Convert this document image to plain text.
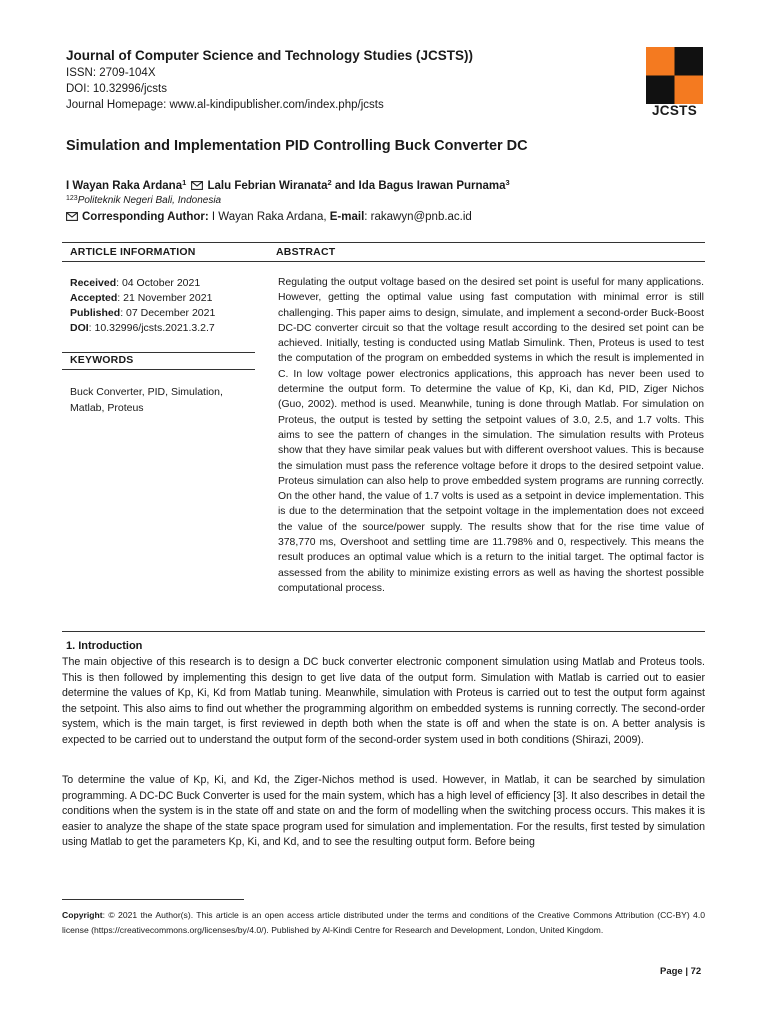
Journal of Computer Science and Technology Studies (JCSTS))
ISSN: 2709-104X
DOI: 10.32996/jcsts
Journal Homepage: www.al-kindipublisher.com/index.php/jcsts	JCSTS
Simulation and Implementation PID Controlling Buck Converter DC
I Wayan Raka Ardana$^1$ Lalu Febrian Wiranata$^2$ and Ida Bagus Irawan Purnama$^3$
$^{123}$Politeknik Negeri Bali, Indonesia
Corresponding Author: I Wayan Raka Ardana, E-mail: rakawyn@pnb.ac.id
ARTICLE INFORMATION	ABSTRACT
Received: 04 October 2021
Accepted: 21 November 2021
Published: 07 December 2021
DOI: 10.32996/jcsts.2021.3.2.7
KEYWORDS
Buck Converter, PID, Simulation,
Matlab, Proteus
Regulating the output voltage based on the desired set point is useful for many applications. However, getting the optimal value using fast computation with minimal error is still challenging. This paper aims to design, simulate, and implement a second-order Buck-Boost DC-DC converter circuit so that the voltage result according to the desired set point can be achieved. Initially, testing is conducted using Matlab Simulink. Then, Proteus is used to test the computation of the program on embedded systems in which the result is implemented in C. In low voltage power electronics applications, this approach has never been used to determine the output form. To determine the value of Kp, Ki, dan Kd, PID, Ziger Nichos (Guo, 2002). method is used. Meanwhile, tuning is done through Matlab. For simulation on Proteus, the output is tested by setting the setpoint values of 3.0, 2.5, and 1.7 volts. This aims to see the pattern of changes in the simulation. The simulation results with Proteus show that they have similar peak values but with different overshoot values. This is because the simulation must pass the reference voltage before it drops to the desired setpoint value. Proteus simulation can also help to prove embedded system programs are running correctly. On the other hand, the value of 1.7 volts is used as a setpoint in device implementation. This is due to the determination that the setpoint voltage in the implementation does not exceed the value of the source/power supply. The results show that for the rise time value of 378,770 ms, Overshoot and settling time are 11.798% and 0, respectively. This means the result produces an optimal value which is a return to the initial target. The optimal factor is assessed from the ability to minimize existing errors as well as having the shortest possible computational process.
1. Introduction
The main objective of this research is to design a DC buck converter electronic component simulation using Matlab and Proteus tools. This is then followed by implementing this design to get live data of the output form. Simulation with Matlab is carried out to easier determine the values of Kp, Ki, Kd from Matlab tuning. Meanwhile, simulation with Proteus is carried out to test the output form against the setpoint. This also aims to find out whether the programming algorithm on embedded systems is running correctly. The second-order system, which is the main target, is first reviewed in depth both when the state is off and when the state is on. A better analysis is expected to be carried out to understand the output form of the second-order system used in both conditions (Shirazi, 2009).
To determine the value of Kp, Ki, and Kd, the Ziger-Nichos method is used. However, in Matlab, it can be searched by simulation programming. A DC-DC Buck Converter is used for the main system, which has a high level of efficiency [3]. It also describes in detail the conditions when the system is in the state off and state on and the form of modelling when the switching process occurs. This makes it is easier to analyze the shape of the state space program used for simulation and implementation. For the results, first tested by simulation using Matlab to get the parameters Kp, Ki, and Kd, and to see the resulting output form. Before being
Copyright: © 2021 the Author(s). This article is an open access article distributed under the terms and conditions of the Creative Commons Attribution (CC-BY) 4.0 license (https://creativecommons.org/licenses/by/4.0/). Published by Al-Kindi Centre for Research and Development, London, United Kingdom.
Page | 72
